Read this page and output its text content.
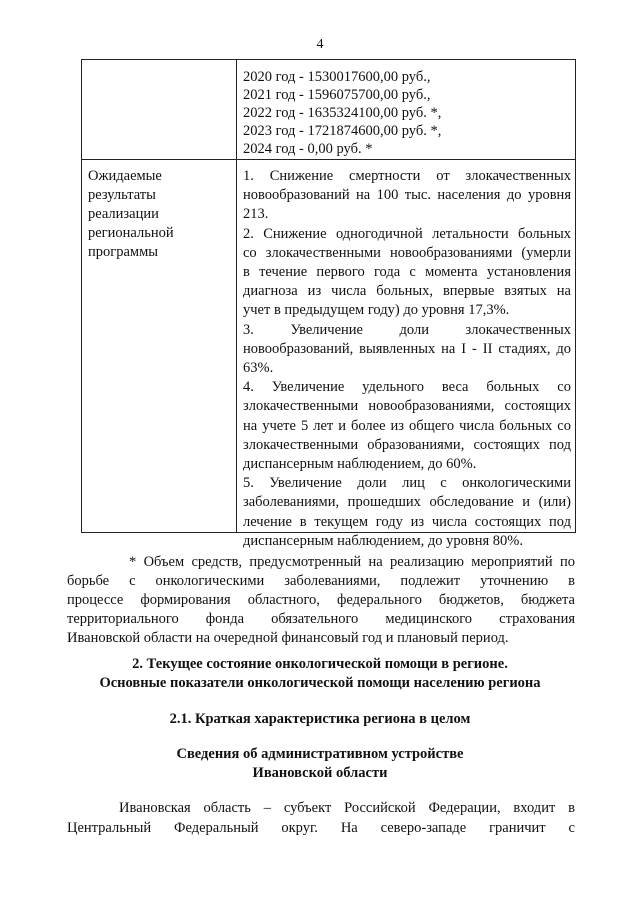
4
2020 год - 1530017600,00 руб.,
2021 год - 1596075700,00 руб.,
2022 год - 1635324100,00 руб. *,
2023 год - 1721874600,00 руб. *,
2024 год - 0,00 руб. *
Ожидаемые
результаты
реализации
региональной
программы
1. Снижение смертности от злокачественных
новообразований на 100 тыс. населения до уровня
213.
2. Снижение одногодичной летальности больных
со злокачественными новообразованиями (умерли
в течение первого года с момента установления
диагноза из числа больных, впервые взятых на
учет в предыдущем году) до уровня 17,3%.
3. Увеличение доли злокачественных
новообразований, выявленных на I - II стадиях, до
63%.
4. Увеличение удельного веса больных со
злокачественными новообразованиями, состоящих
на учете 5 лет и более из общего числа больных со
злокачественными образованиями, состоящих под
диспансерным наблюдением, до 60%.
5. Увеличение доли лиц с онкологическими
заболеваниями, прошедших обследование и (или)
лечение в текущем году из числа состоящих под
диспансерным наблюдением, до уровня 80%.
* Объем средств, предусмотренный на реализацию мероприятий по
борьбе с онкологическими заболеваниями, подлежит уточнению в
процессе формирования областного, федерального бюджетов, бюджета
территориального фонда обязательного медицинского страхования
Ивановской области на очередной финансовый год и плановый период.
2. Текущее состояние онкологической помощи в регионе.
Основные показатели онкологической помощи населению региона
2.1. Краткая характеристика региона в целом
Сведения об административном устройстве
Ивановской области
Ивановская область – субъект Российской Федерации, входит в
Центральный Федеральный округ. На северо-западе граничит с
